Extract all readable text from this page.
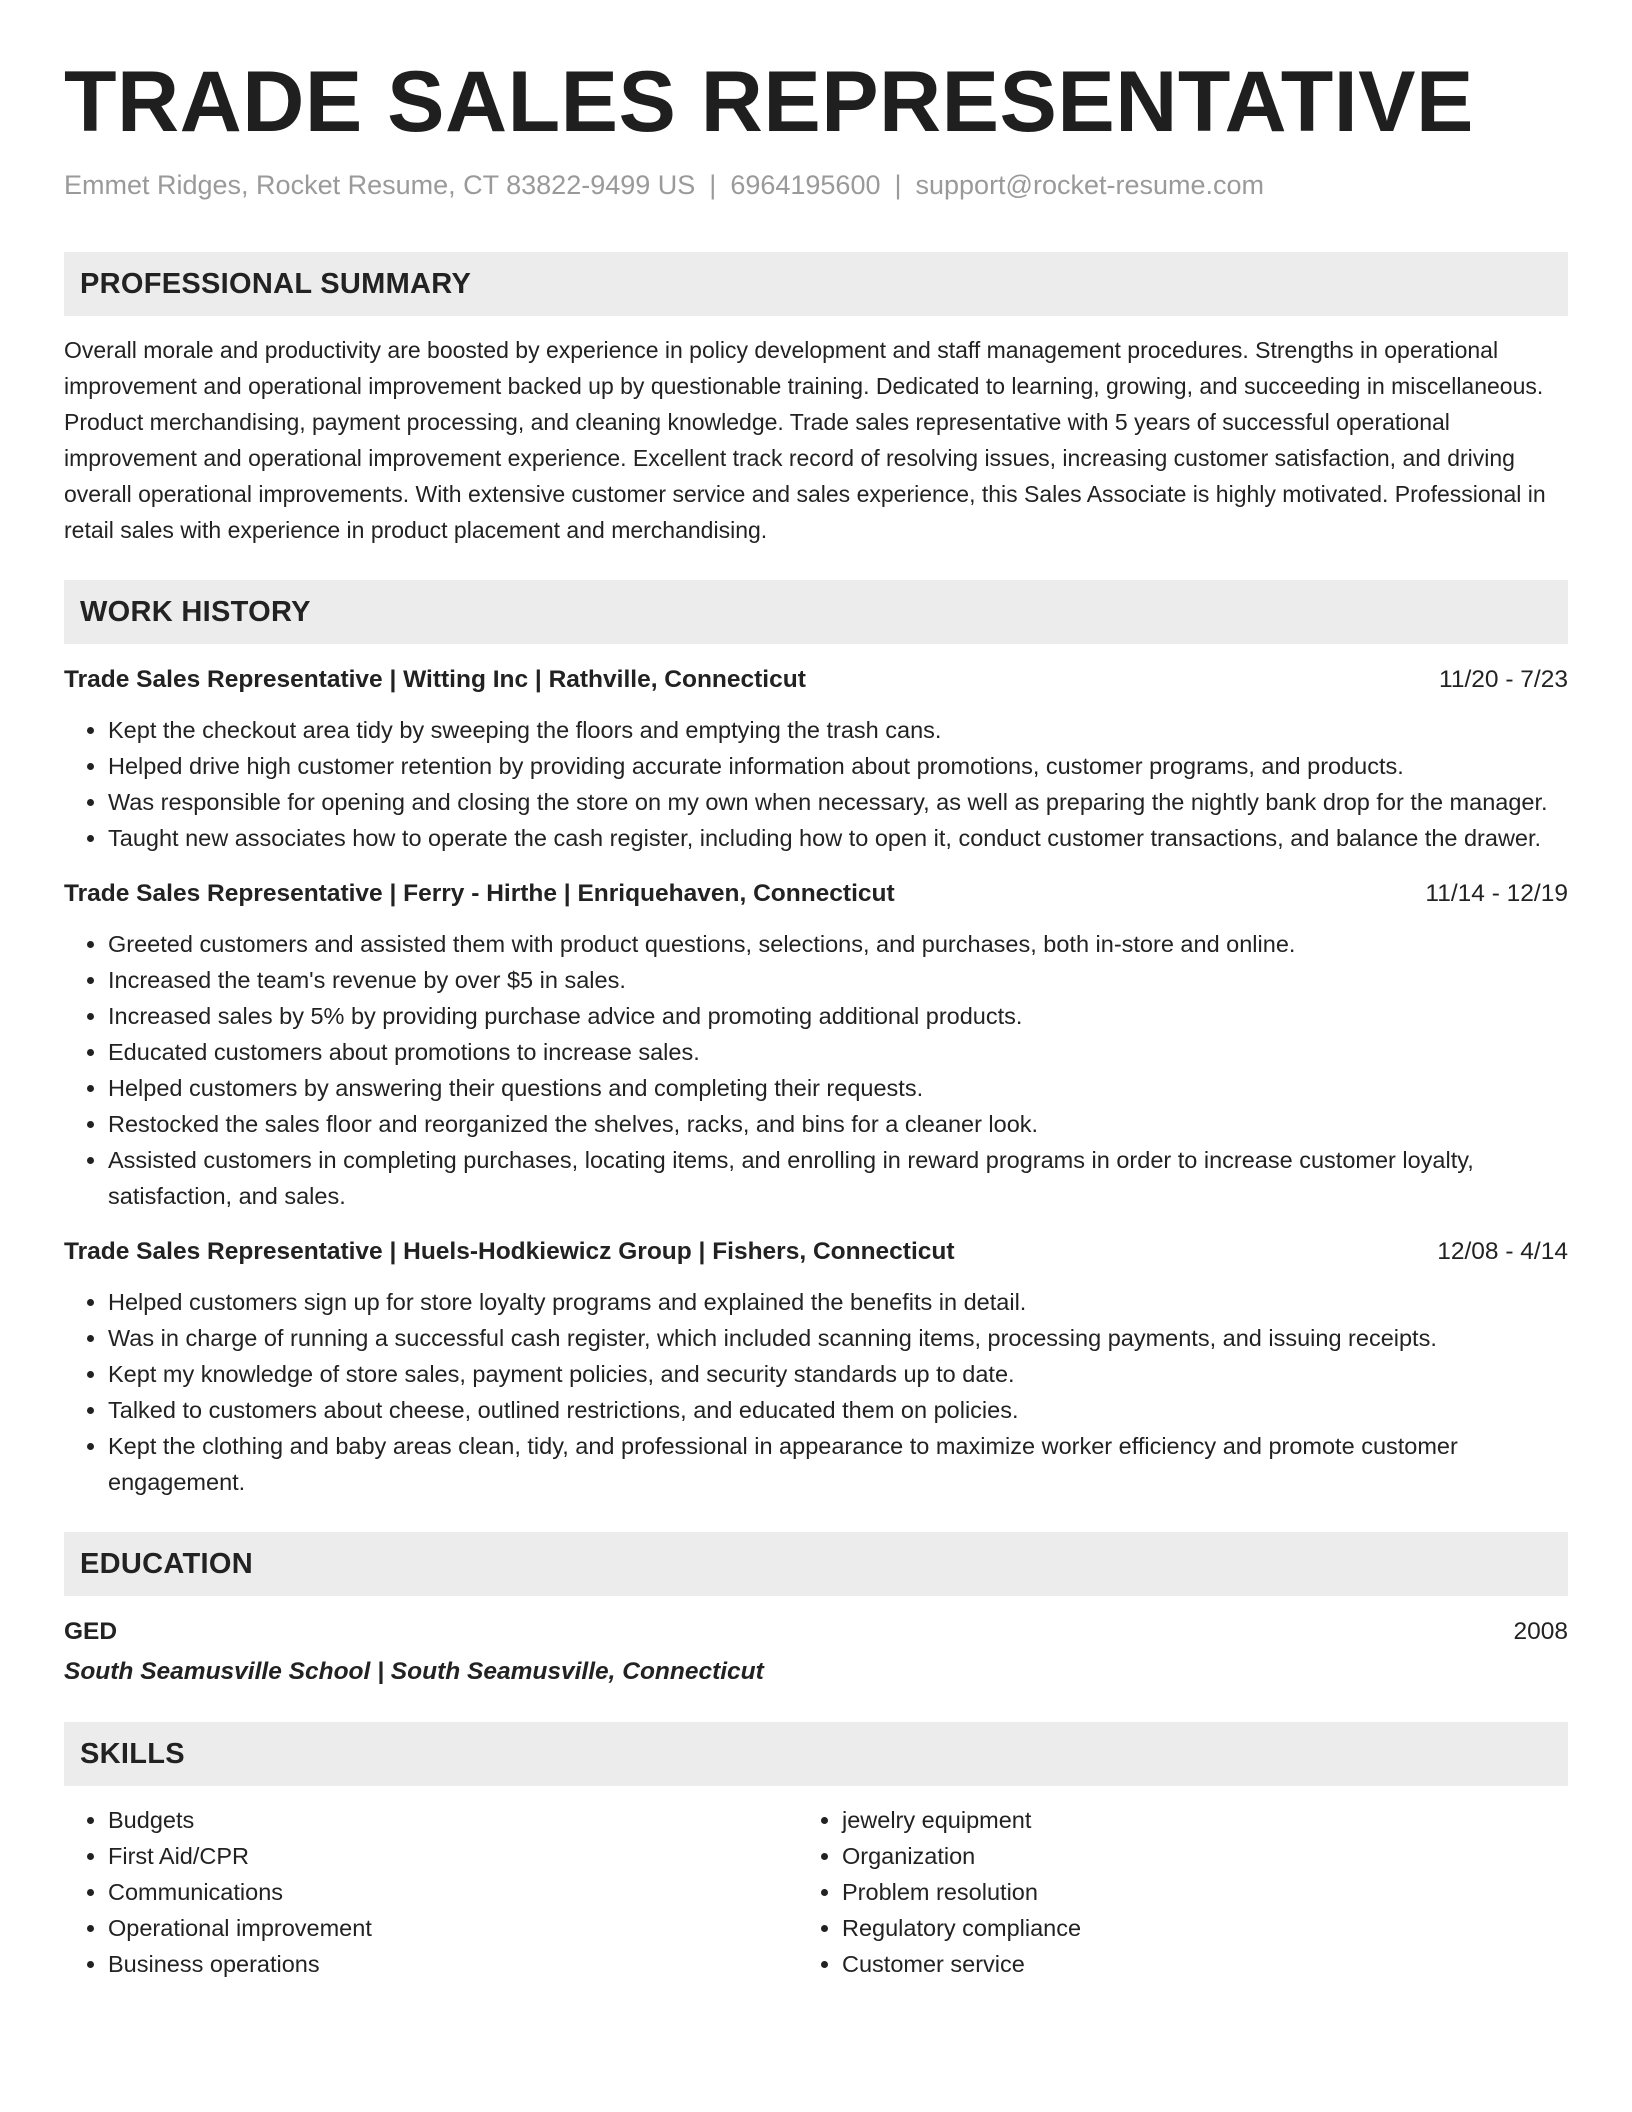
TRADE SALES REPRESENTATIVE
Emmet Ridges, Rocket Resume, CT 83822-9499 US | 6964195600 | support@rocket-resume.com
PROFESSIONAL SUMMARY

Overall morale and productivity are boosted by experience in policy development and staff management procedures. Strengths in operational improvement and operational improvement backed up by questionable training. Dedicated to learning, growing, and succeeding in miscellaneous. Product merchandising, payment processing, and cleaning knowledge. Trade sales representative with 5 years of successful operational improvement and operational improvement experience. Excellent track record of resolving issues, increasing customer satisfaction, and driving overall operational improvements. With extensive customer service and sales experience, this Sales Associate is highly motivated. Professional in retail sales with experience in product placement and merchandising.

WORK HISTORY
Trade Sales Representative | Witting Inc | Rathville, Connecticut	11/20 - 7/23
• Kept the checkout area tidy by sweeping the floors and emptying the trash cans.
• Helped drive high customer retention by providing accurate information about promotions, customer programs, and products.
• Was responsible for opening and closing the store on my own when necessary, as well as preparing the nightly bank drop for the manager.
• Taught new associates how to operate the cash register, including how to open it, conduct customer transactions, and balance the drawer.
Trade Sales Representative | Ferry - Hirthe | Enriquehaven, Connecticut	11/14 - 12/19
• Greeted customers and assisted them with product questions, selections, and purchases, both in-store and online.
• Increased the team's revenue by over $5 in sales.
• Increased sales by 5% by providing purchase advice and promoting additional products.
• Educated customers about promotions to increase sales.
• Helped customers by answering their questions and completing their requests.
• Restocked the sales floor and reorganized the shelves, racks, and bins for a cleaner look.
• Assisted customers in completing purchases, locating items, and enrolling in reward programs in order to increase customer loyalty, satisfaction, and sales.
Trade Sales Representative | Huels-Hodkiewicz Group | Fishers, Connecticut	12/08 - 4/14
• Helped customers sign up for store loyalty programs and explained the benefits in detail.
• Was in charge of running a successful cash register, which included scanning items, processing payments, and issuing receipts.
• Kept my knowledge of store sales, payment policies, and security standards up to date.
• Talked to customers about cheese, outlined restrictions, and educated them on policies.
• Kept the clothing and baby areas clean, tidy, and professional in appearance to maximize worker efficiency and promote customer engagement.
EDUCATION
GED	2008
South Seamusville School | South Seamusville, Connecticut
SKILLS
• Budgets
• First Aid/CPR
• Communications
• Operational improvement
• Business operations
• jewelry equipment
• Organization
• Problem resolution
• Regulatory compliance
• Customer service
